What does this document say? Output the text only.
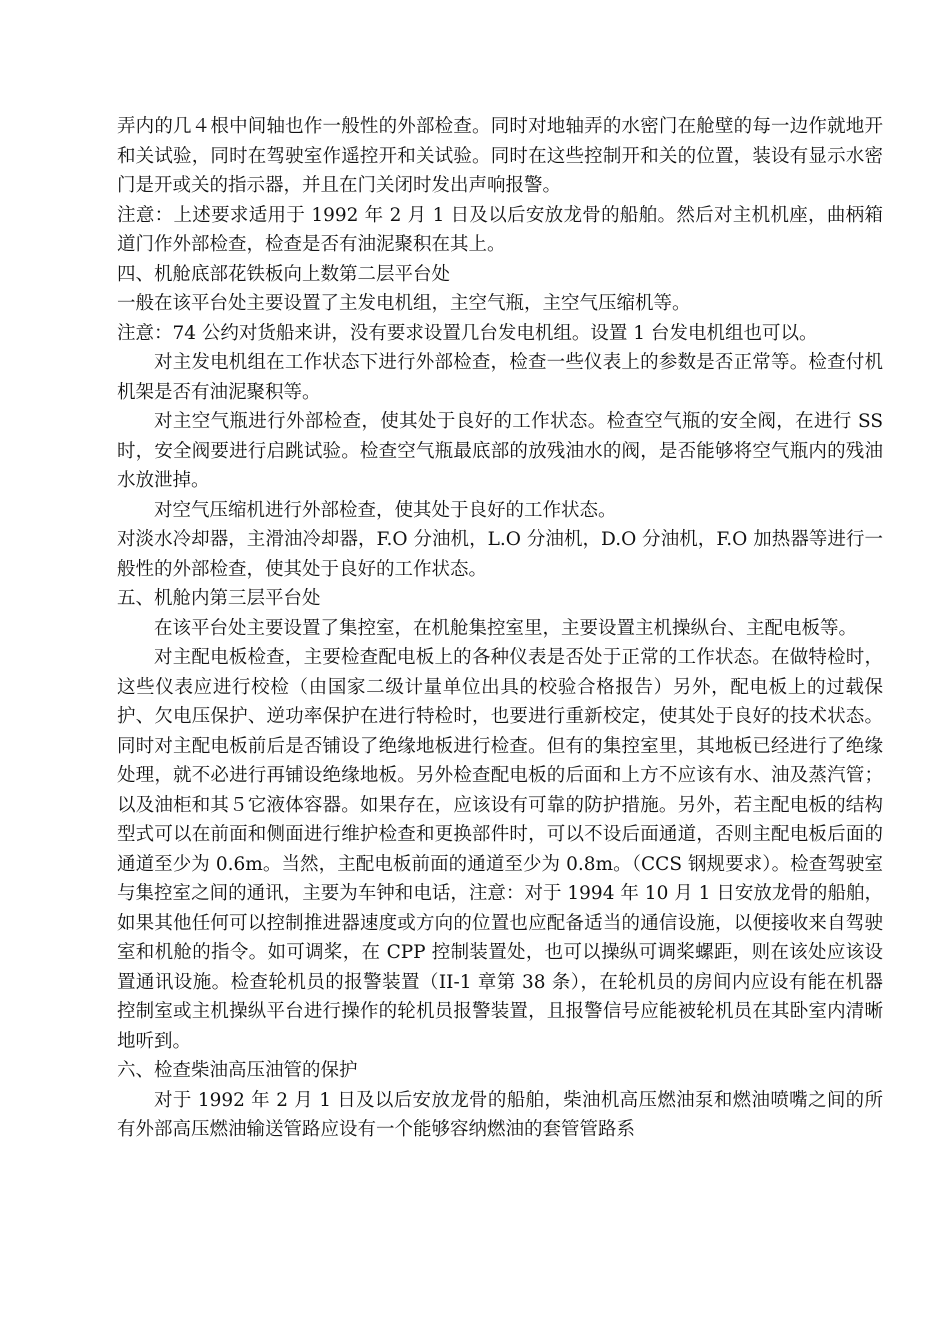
弄内的几４根中间轴也作一般性的外部检查。同时对地轴弄的水密门在舱壁的每一边作就地开和关试验，同时在驾驶室作遥控开和关试验。同时在这些控制开和关的位置，装设有显示水密门是开或关的指示器，并且在门关闭时发出声响报警。

注意：上述要求适用于 1992 年 2 月 1 日及以后安放龙骨的船舶。然后对主机机座，曲柄箱道门作外部检查，检查是否有油泥聚积在其上。

四、机舱底部花铁板向上数第二层平台处

一般在该平台处主要设置了主发电机组，主空气瓶，主空气压缩机等。

注意：74 公约对货船来讲，没有要求设置几台发电机组。设置 1 台发电机组也可以。

对主发电机组在工作状态下进行外部检查，检查一些仪表上的参数是否正常等。检查付机机架是否有油泥聚积等。

对主空气瓶进行外部检查，使其处于良好的工作状态。检查空气瓶的安全阀，在进行 SS 时，安全阀要进行启跳试验。检查空气瓶最底部的放残油水的阀，是否能够将空气瓶内的残油水放泄掉。

对空气压缩机进行外部检查，使其处于良好的工作状态。

对淡水冷却器，主滑油冷却器，F.O 分油机，L.O 分油机，D.O 分油机，F.O 加热器等进行一般性的外部检查，使其处于良好的工作状态。

五、机舱内第三层平台处

在该平台处主要设置了集控室，在机舱集控室里，主要设置主机操纵台、主配电板等。

对主配电板检查，主要检查配电板上的各种仪表是否处于正常的工作状态。在做特检时，这些仪表应进行校检（由国家二级计量单位出具的校验合格报告）另外，配电板上的过载保护、欠电压保护、逆功率保护在进行特检时，也要进行重新校定，使其处于良好的技术状态。同时对主配电板前后是否铺设了绝缘地板进行检查。但有的集控室里，其地板已经进行了绝缘处理，就不必进行再铺设绝缘地板。另外检查配电板的后面和上方不应该有水、油及蒸汽管；以及油柜和其５它液体容器。如果存在，应该设有可靠的防护措施。另外，若主配电板的结构型式可以在前面和侧面进行维护检查和更换部件时，可以不设后面通道，否则主配电板后面的通道至少为 0.6m。当然，主配电板前面的通道至少为 0.8m。（CCS 钢规要求）。检查驾驶室与集控室之间的通讯，主要为车钟和电话，注意：对于 1994 年 10 月 1 日安放龙骨的船舶，如果其他任何可以控制推进器速度或方向的位置也应配备适当的通信设施，以便接收来自驾驶室和机舱的指令。如可调桨，在 CPP 控制装置处，也可以操纵可调桨螺距，则在该处应该设置通讯设施。检查轮机员的报警装置（II-1 章第 38 条），在轮机员的房间内应设有能在机器控制室或主机操纵平台进行操作的轮机员报警装置，且报警信号应能被轮机员在其卧室内清晰地听到。

六、检查柴油高压油管的保护

对于 1992 年 2 月 1 日及以后安放龙骨的船舶，柴油机高压燃油泵和燃油喷嘴之间的所有外部高压燃油输送管路应设有一个能够容纳燃油的套管管路系
